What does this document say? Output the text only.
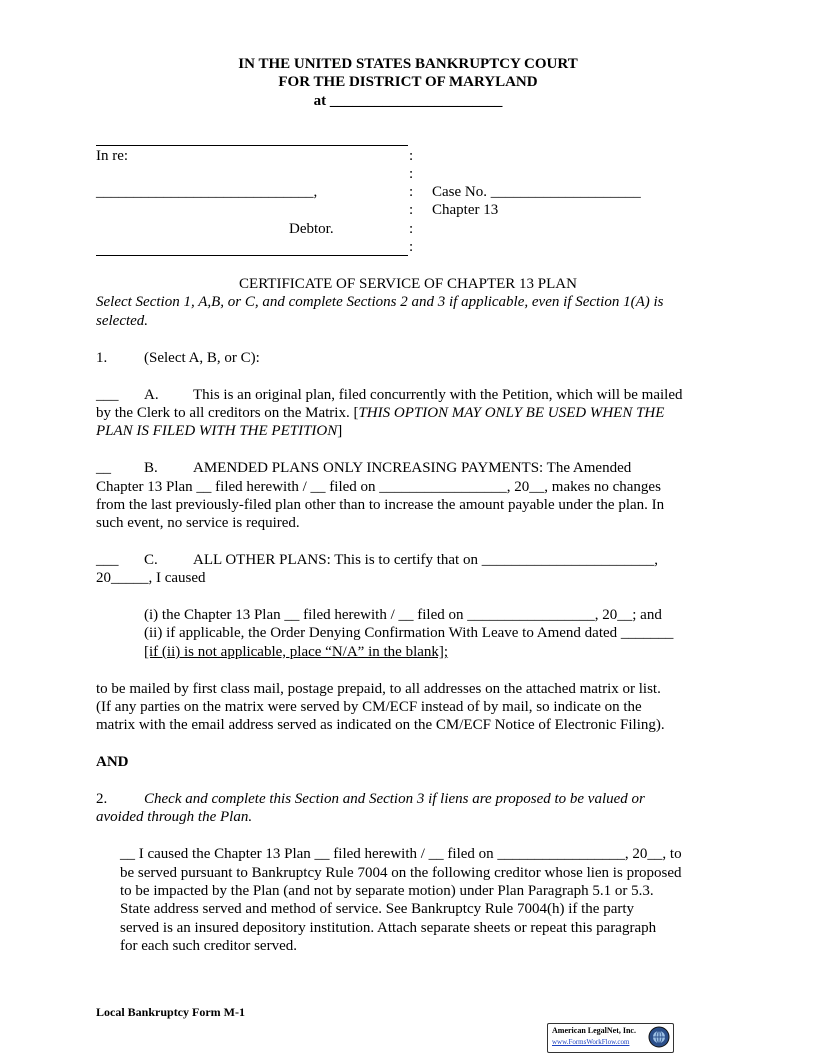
IN THE UNITED STATES BANKRUPTCY COURT
FOR THE DISTRICT OF MARYLAND
at _______________________
In re:
_____________________________,
Debtor.
:
:
:
:
:
:
Case No. ____________________
Chapter 13
CERTIFICATE OF SERVICE OF CHAPTER 13 PLAN
Select Section 1, A,B, or C, and complete Sections 2 and 3 if applicable, even if Section 1(A) is
selected.
1. (Select A, B, or C):
___ A. This is an original plan, filed concurrently with the Petition, which will be mailed
by the Clerk to all creditors on the Matrix. [THIS OPTION MAY ONLY BE USED WHEN THE
PLAN IS FILED WITH THE PETITION]
__ B. AMENDED PLANS ONLY INCREASING PAYMENTS: The Amended
Chapter 13 Plan __ filed herewith / __ filed on _________________, 20__, makes no changes
from the last previously-filed plan other than to increase the amount payable under the plan. In
such event, no service is required.
___ C. ALL OTHER PLANS: This is to certify that on _______________________,
20_____, I caused
(i) the Chapter 13 Plan __ filed herewith / __ filed on _________________, 20__; and
(ii) if applicable, the Order Denying Confirmation With Leave to Amend dated _______
[if (ii) is not applicable, place “N/A” in the blank];
to be mailed by first class mail, postage prepaid, to all addresses on the attached matrix or list.
(If any parties on the matrix were served by CM/ECF instead of by mail, so indicate on the
matrix with the email address served as indicated on the CM/ECF Notice of Electronic Filing).
AND
2. Check and complete this Section and Section 3 if liens are proposed to be valued or
avoided through the Plan.
__ I caused the Chapter 13 Plan __ filed herewith / __ filed on _________________, 20__, to
be served pursuant to Bankruptcy Rule 7004 on the following creditor whose lien is proposed
to be impacted by the Plan (and not by separate motion) under Plan Paragraph 5.1 or 5.3.
State address served and method of service. See Bankruptcy Rule 7004(h) if the party
served is an insured depository institution. Attach separate sheets or repeat this paragraph
for each such creditor served.
Local Bankruptcy Form M-1
American LegalNet, Inc.
www.FormsWorkFlow.com
